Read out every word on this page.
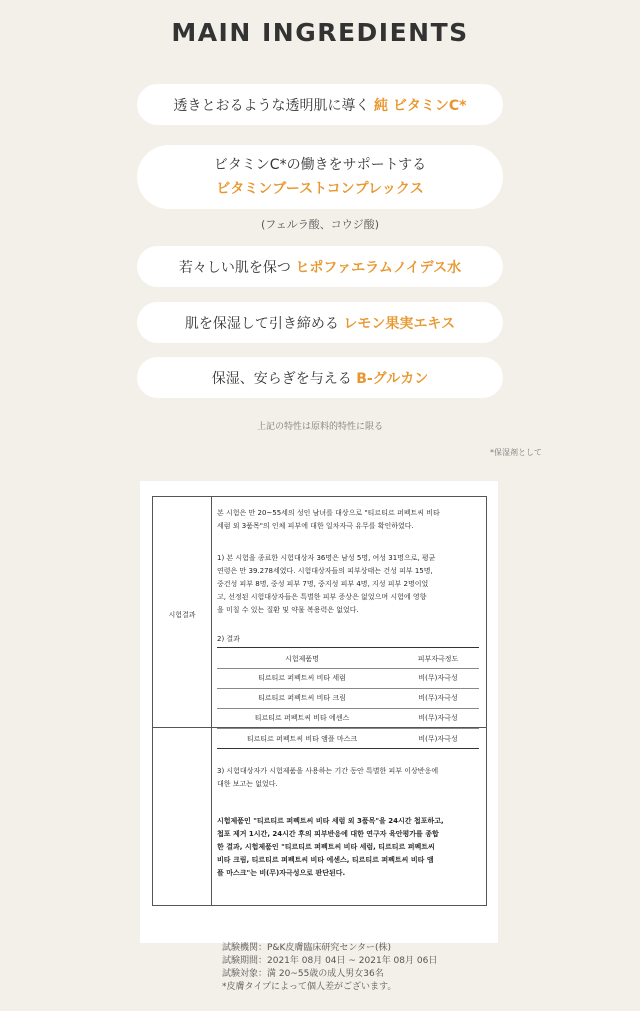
MAIN INGREDIENTS
透きとおるような透明肌に導く 純 ビタミンC*
ビタミンC*の働きをサポートする
ビタミンブーストコンプレックス
(フェルラ酸、コウジ酸)
若々しい肌を保つ ヒポファエラムノイデス水
肌を保湿して引き締める レモン果実エキス
保湿、安らぎを与える B-グルカン
上記の特性は原料的特性に限る
*保湿剤として
시험결과
본 시험은 만 20~55세의 성인 남녀를 대상으로 "티르티르 퍼펙트씨 비타
세럼 외 3품목"의 인체 피부에 대한 일차자극 유무를 확인하였다.
1) 본 시험을 종료한 시험대상자 36명은 남성 5명, 여성 31명으로, 평균
연령은 만 39.278세였다. 시험대상자들의 피부상태는 건성 피부 15명,
중건성 피부 8명, 중성 피부 7명, 중지성 피부 4명, 지성 피부 2명이었
고, 선정된 시험대상자들은 특별한 피부 증상은 없었으며 시험에 영향
을 미칠 수 있는 질환 및 약물 복용력은 없었다.
2) 결과
시험제품명	피부자극정도
티르티르 퍼펙트씨 비타 세럼	비(무)자극성
티르티르 퍼펙트씨 비타 크림	비(무)자극성
티르티르 퍼펙트씨 비타 에센스	비(무)자극성
티르티르 퍼펙트씨 비타 앰플 마스크	비(무)자극성
3) 시험대상자가 시험제품을 사용하는 기간 동안 특별한 피부 이상반응에
대한 보고는 없었다.
시험제품인 "티르티르 퍼펙트씨 비타 세럼 외 3품목"을 24시간 첩포하고,
첩포 제거 1시간, 24시간 후의 피부반응에 대한 연구자 육안평가를 종합
한 결과, 시험제품인 "티르티르 퍼펙트씨 비타 세럼, 티르티르 퍼펙트씨
비타 크림, 티르티르 퍼펙트씨 비타 에센스, 티르티르 퍼펙트씨 비타 앰
플 마스크"는 비(무)자극성으로 판단된다.
試験機関：P&K皮膚臨床研究センター(株)
試験期間：2021年 08月 04日 ~ 2021年 08月 06日
試験対象：満 20~55歳の成人男女36名
*皮膚タイプによって個人差がございます。
